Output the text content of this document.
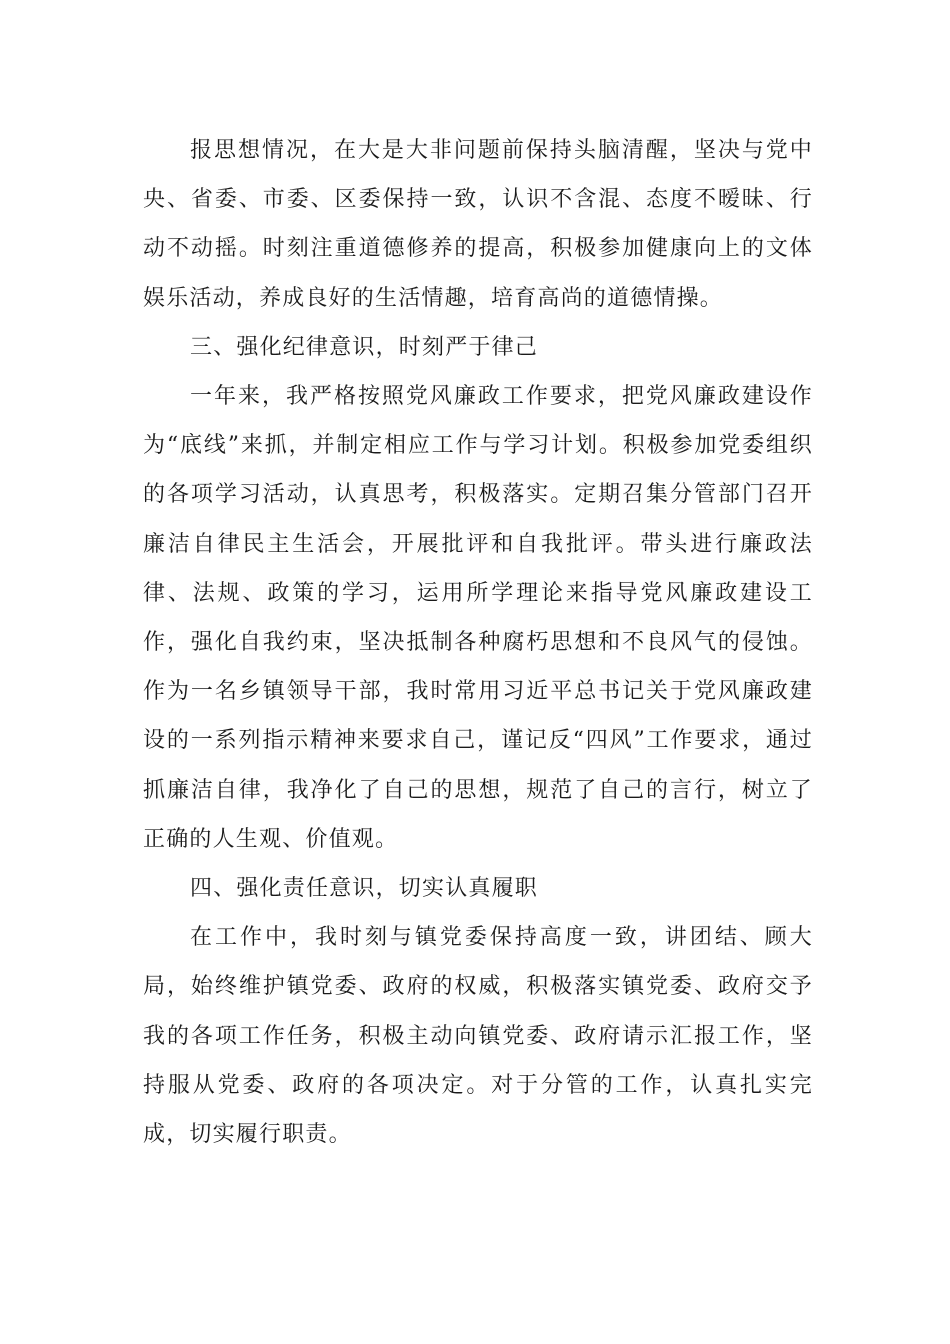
报思想情况，在大是大非问题前保持头脑清醒，坚决与党中央、省委、市委、区委保持一致，认识不含混、态度不暧昧、行动不动摇。时刻注重道德修养的提高，积极参加健康向上的文体娱乐活动，养成良好的生活情趣，培育高尚的道德情操。

三、强化纪律意识，时刻严于律己

一年来，我严格按照党风廉政工作要求，把党风廉政建设作为“底线”来抓，并制定相应工作与学习计划。积极参加党委组织的各项学习活动，认真思考，积极落实。定期召集分管部门召开廉洁自律民主生活会，开展批评和自我批评。带头进行廉政法律、法规、政策的学习，运用所学理论来指导党风廉政建设工作，强化自我约束，坚决抵制各种腐朽思想和不良风气的侵蚀。作为一名乡镇领导干部，我时常用习近平总书记关于党风廉政建设的一系列指示精神来要求自己，谨记反“四风”工作要求，通过抓廉洁自律，我净化了自己的思想，规范了自己的言行，树立了正确的人生观、价值观。

四、强化责任意识，切实认真履职

在工作中，我时刻与镇党委保持高度一致，讲团结、顾大局，始终维护镇党委、政府的权威，积极落实镇党委、政府交予我的各项工作任务，积极主动向镇党委、政府请示汇报工作，坚持服从党委、政府的各项决定。对于分管的工作，认真扎实完成，切实履行职责。
